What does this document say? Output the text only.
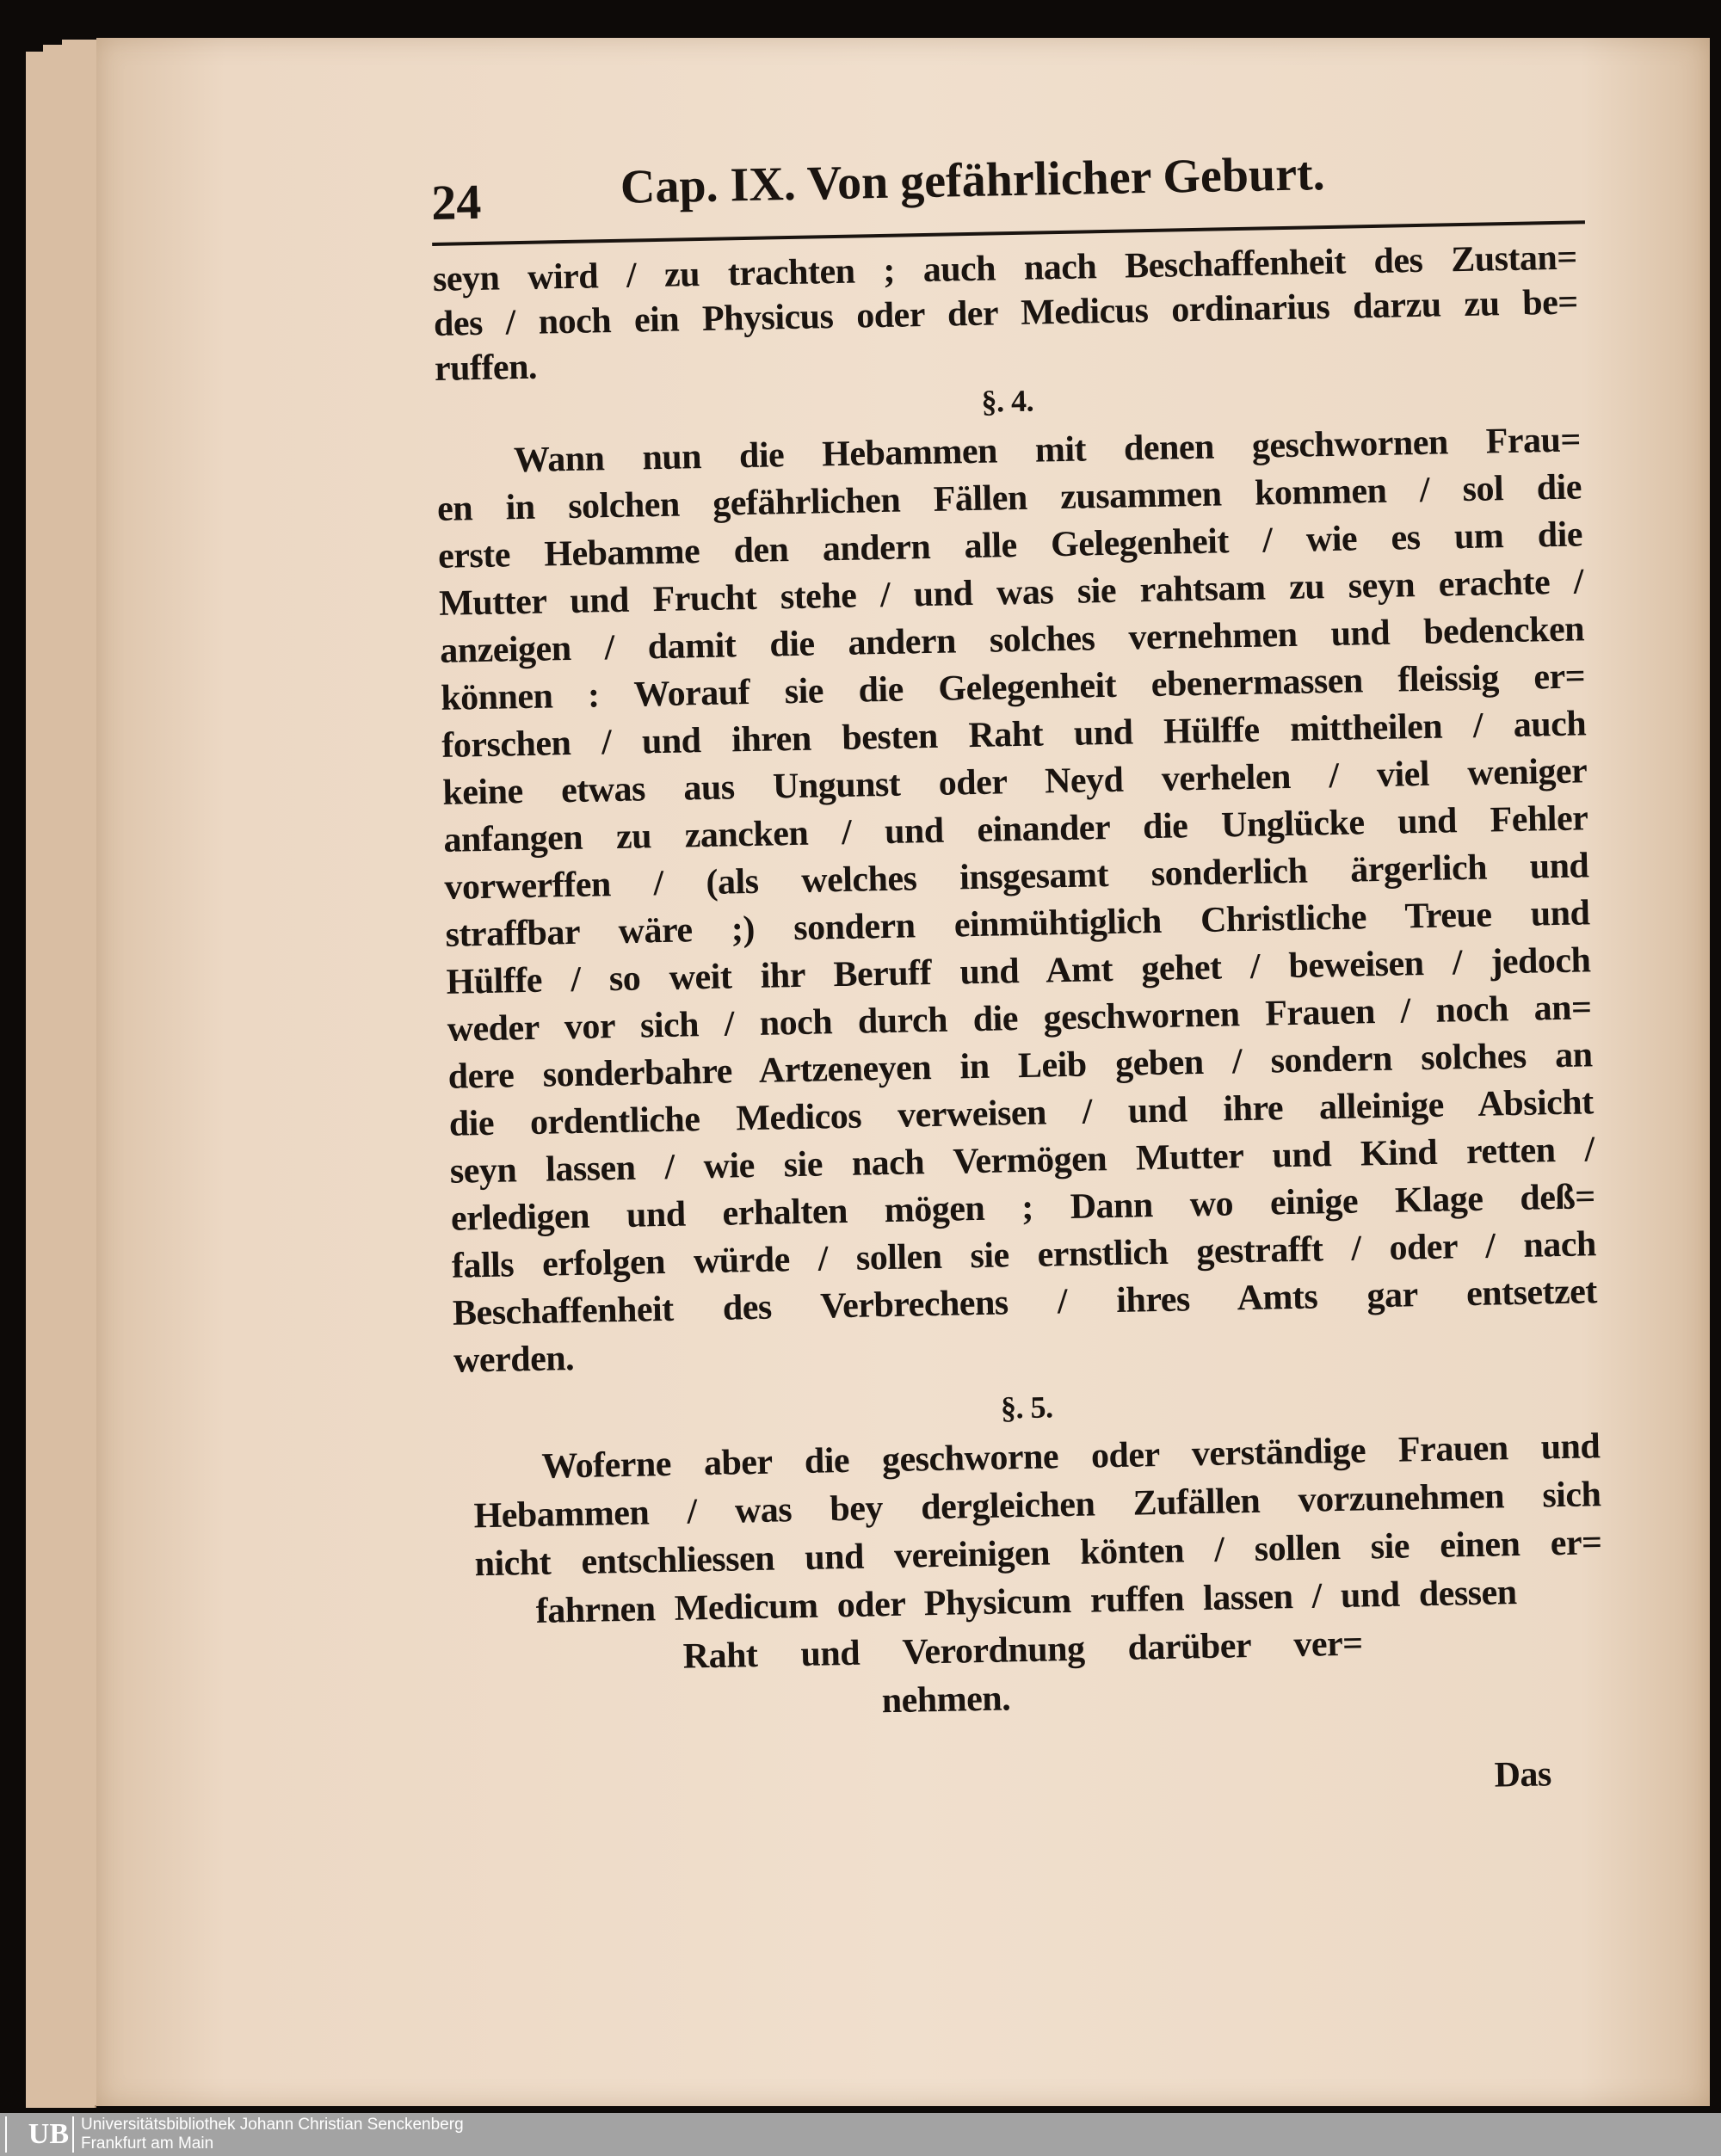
24	Cap. IX. Von gefährlicher Geburt.
seyn wird / zu trachten ; auch nach Beschaffenheit des Zustan=
des / noch ein Physicus oder der Medicus ordinarius darzu zu be=
ruffen.
§. 4.
Wann nun die Hebammen mit denen geschwornen Frau=
en in solchen gefährlichen Fällen zusammen kommen / sol die
erste Hebamme den andern alle Gelegenheit / wie es um die
Mutter und Frucht stehe / und was sie rahtsam zu seyn erachte /
anzeigen / damit die andern solches vernehmen und bedencken
können : Worauf sie die Gelegenheit ebenermassen fleissig er=
forschen / und ihren besten Raht und Hülffe mittheilen / auch
keine etwas aus Ungunst oder Neyd verhelen / viel weniger
anfangen zu zancken / und einander die Unglücke und Fehler
vorwerffen / (als welches insgesamt sonderlich ärgerlich und
straffbar wäre ;) sondern einmühtiglich Christliche Treue und
Hülffe / so weit ihr Beruff und Amt gehet / beweisen / jedoch
weder vor sich / noch durch die geschwornen Frauen / noch an=
dere sonderbahre Artzeneyen in Leib geben / sondern solches an
die ordentliche Medicos verweisen / und ihre alleinige Absicht
seyn lassen / wie sie nach Vermögen Mutter und Kind retten /
erledigen und erhalten mögen ; Dann wo einige Klage deß=
falls erfolgen würde / sollen sie ernstlich gestrafft / oder / nach
Beschaffenheit des Verbrechens / ihres Amts gar entsetzet
werden.
§. 5.
Woferne aber die geschworne oder verständige Frauen und
Hebammen / was bey dergleichen Zufällen vorzunehmen sich
nicht entschliessen und vereinigen könten / sollen sie einen er=
fahrnen Medicum oder Physicum ruffen lassen / und dessen
Raht und Verordnung darüber ver=
nehmen.
Das
UB Universitätsbibliothek Johann Christian Senckenberg
Frankfurt am Main
